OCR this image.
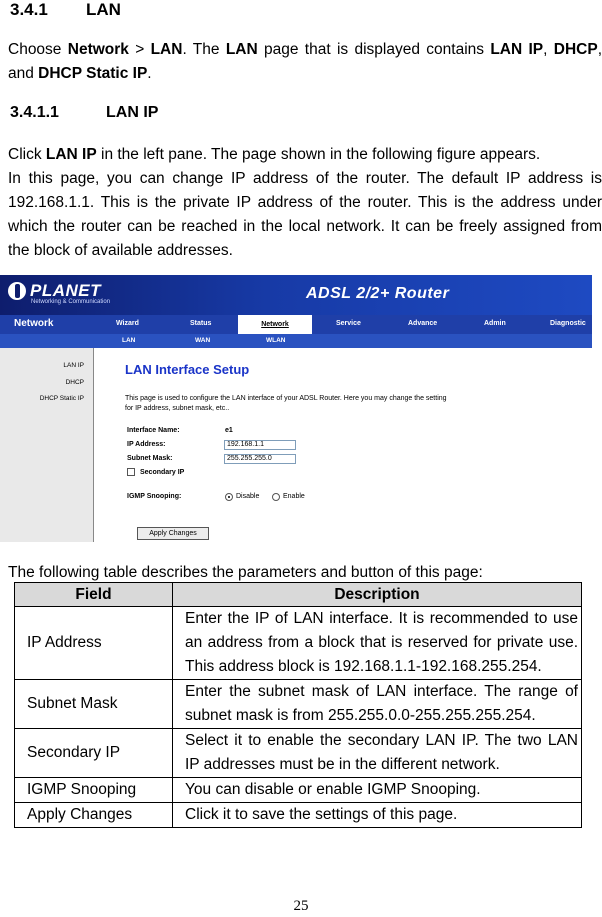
3.4.1 LAN
Choose Network > LAN. The LAN page that is displayed contains LAN IP, DHCP, and DHCP Static IP.
3.4.1.1	LAN IP
Click LAN IP in the left pane. The page shown in the following figure appears.
In this page, you can change IP address of the router. The default IP address is 192.168.1.1. This is the private IP address of the router. This is the address under which the router can be reached in the local network. It can be freely assigned from the block of available addresses.
PLANET
Networking & Communication	ADSL 2/2+ Router
Network	Wizard	Status	Network	Service	Advance	Admin	Diagnostic
LAN	WAN	WLAN
LAN IP
DHCP
DHCP Static IP
LAN Interface Setup
This page is used to configure the LAN interface of your ADSL Router. Here you may change the setting for IP address, subnet mask, etc..
Interface Name:	e1
IP Address:	192.168.1.1
Subnet Mask:	255.255.255.0
Secondary IP
IGMP Snooping:	Disable	Enable
Apply Changes
The following table describes the parameters and button of this page:
Field	Description
IP Address	Enter the IP of LAN interface. It is recommended to use an address from a block that is reserved for private use. This address block is 192.168.1.1-192.168.255.254.
Subnet Mask	Enter the subnet mask of LAN interface. The range of subnet mask is from 255.255.0.0-255.255.255.254.
Secondary IP	Select it to enable the secondary LAN IP. The two LAN IP addresses must be in the different network.
IGMP Snooping	You can disable or enable IGMP Snooping.
Apply Changes	Click it to save the settings of this page.
25
